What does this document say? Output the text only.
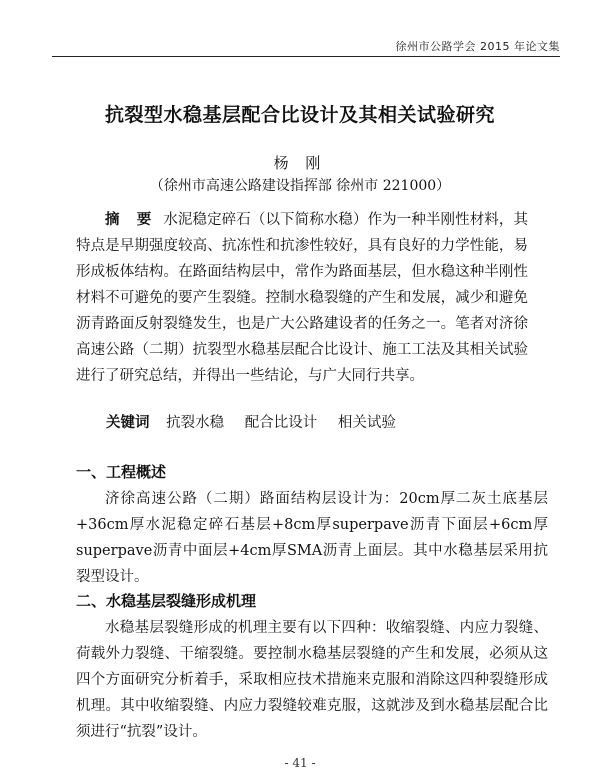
徐州市公路学会 2015 年论文集
抗裂型水稳基层配合比设计及其相关试验研究
杨 刚
（徐州市高速公路建设指挥部 徐州市 221000）
摘 要 水泥稳定碎石（以下简称水稳）作为一种半刚性材料，其特点是早期强度较高、抗冻性和抗渗性较好，具有良好的力学性能，易形成板体结构。在路面结构层中，常作为路面基层，但水稳这种半刚性材料不可避免的要产生裂缝。控制水稳裂缝的产生和发展，减少和避免沥青路面反射裂缝发生，也是广大公路建设者的任务之一。笔者对济徐高速公路（二期）抗裂型水稳基层配合比设计、施工工法及其相关试验进行了研究总结，并得出一些结论，与广大同行共享。
关键词 抗裂水稳 配合比设计 相关试验
一、工程概述
济徐高速公路（二期）路面结构层设计为：20cm厚二灰土底基层+36cm厚水泥稳定碎石基层+8cm厚superpave沥青下面层+6cm厚superpave沥青中面层+4cm厚SMA沥青上面层。其中水稳基层采用抗裂型设计。
二、水稳基层裂缝形成机理
水稳基层裂缝形成的机理主要有以下四种：收缩裂缝、内应力裂缝、荷载外力裂缝、干缩裂缝。要控制水稳基层裂缝的产生和发展，必须从这四个方面研究分析着手，采取相应技术措施来克服和消除这四种裂缝形成机理。其中收缩裂缝、内应力裂缝较难克服，这就涉及到水稳基层配合比须进行“抗裂”设计。
- 41 -
